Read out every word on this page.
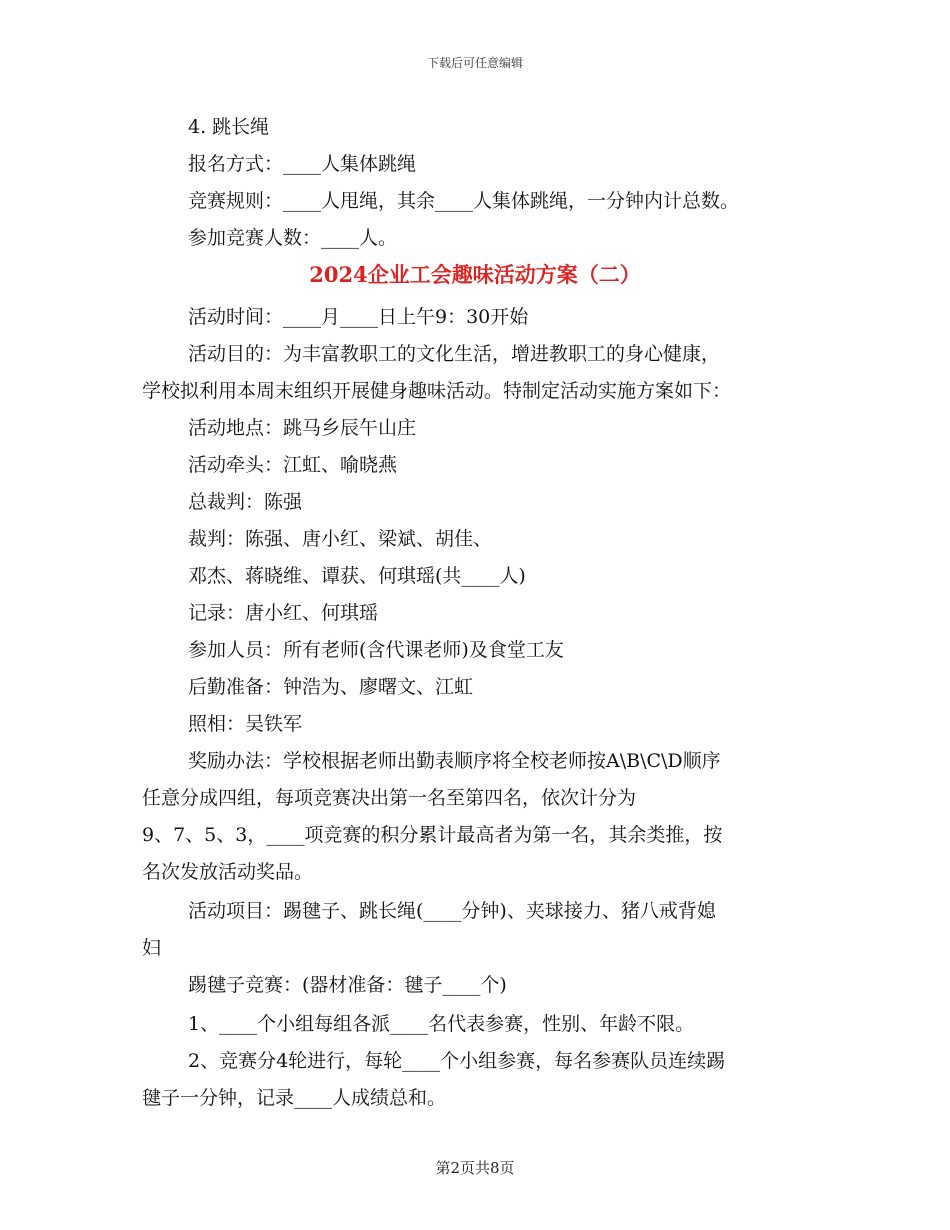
下载后可任意编辑
4. 跳长绳
报名方式：____人集体跳绳
竞赛规则：____人甩绳，其余____人集体跳绳，一分钟内计总数。
参加竞赛人数：____人。
2024企业工会趣味活动方案（二）
活动时间：____月____日上午9：30开始
活动目的：为丰富教职工的文化生活，增进教职工的身心健康，
学校拟利用本周末组织开展健身趣味活动。特制定活动实施方案如下：
活动地点：跳马乡辰午山庄
活动牵头：江虹、喻晓燕
总裁判：陈强
裁判：陈强、唐小红、梁斌、胡佳、
邓杰、蒋晓维、谭获、何琪瑶(共____人)
记录：唐小红、何琪瑶
参加人员：所有老师(含代课老师)及食堂工友
后勤准备：钟浩为、廖曙文、江虹
照相：吴铁军
奖励办法：学校根据老师出勤表顺序将全校老师按A\B\C\D顺序
任意分成四组，每项竞赛决出第一名至第四名，依次计分为
9、7、5、3，____项竞赛的积分累计最高者为第一名，其余类推，按
名次发放活动奖品。
活动项目：踢毽子、跳长绳(____分钟)、夹球接力、猪八戒背媳
妇
踢毽子竞赛：(器材准备：毽子____个)
1、____个小组每组各派____名代表参赛，性别、年龄不限。
2、竞赛分4轮进行，每轮____个小组参赛，每名参赛队员连续踢
毽子一分钟，记录____人成绩总和。
第2页共8页
